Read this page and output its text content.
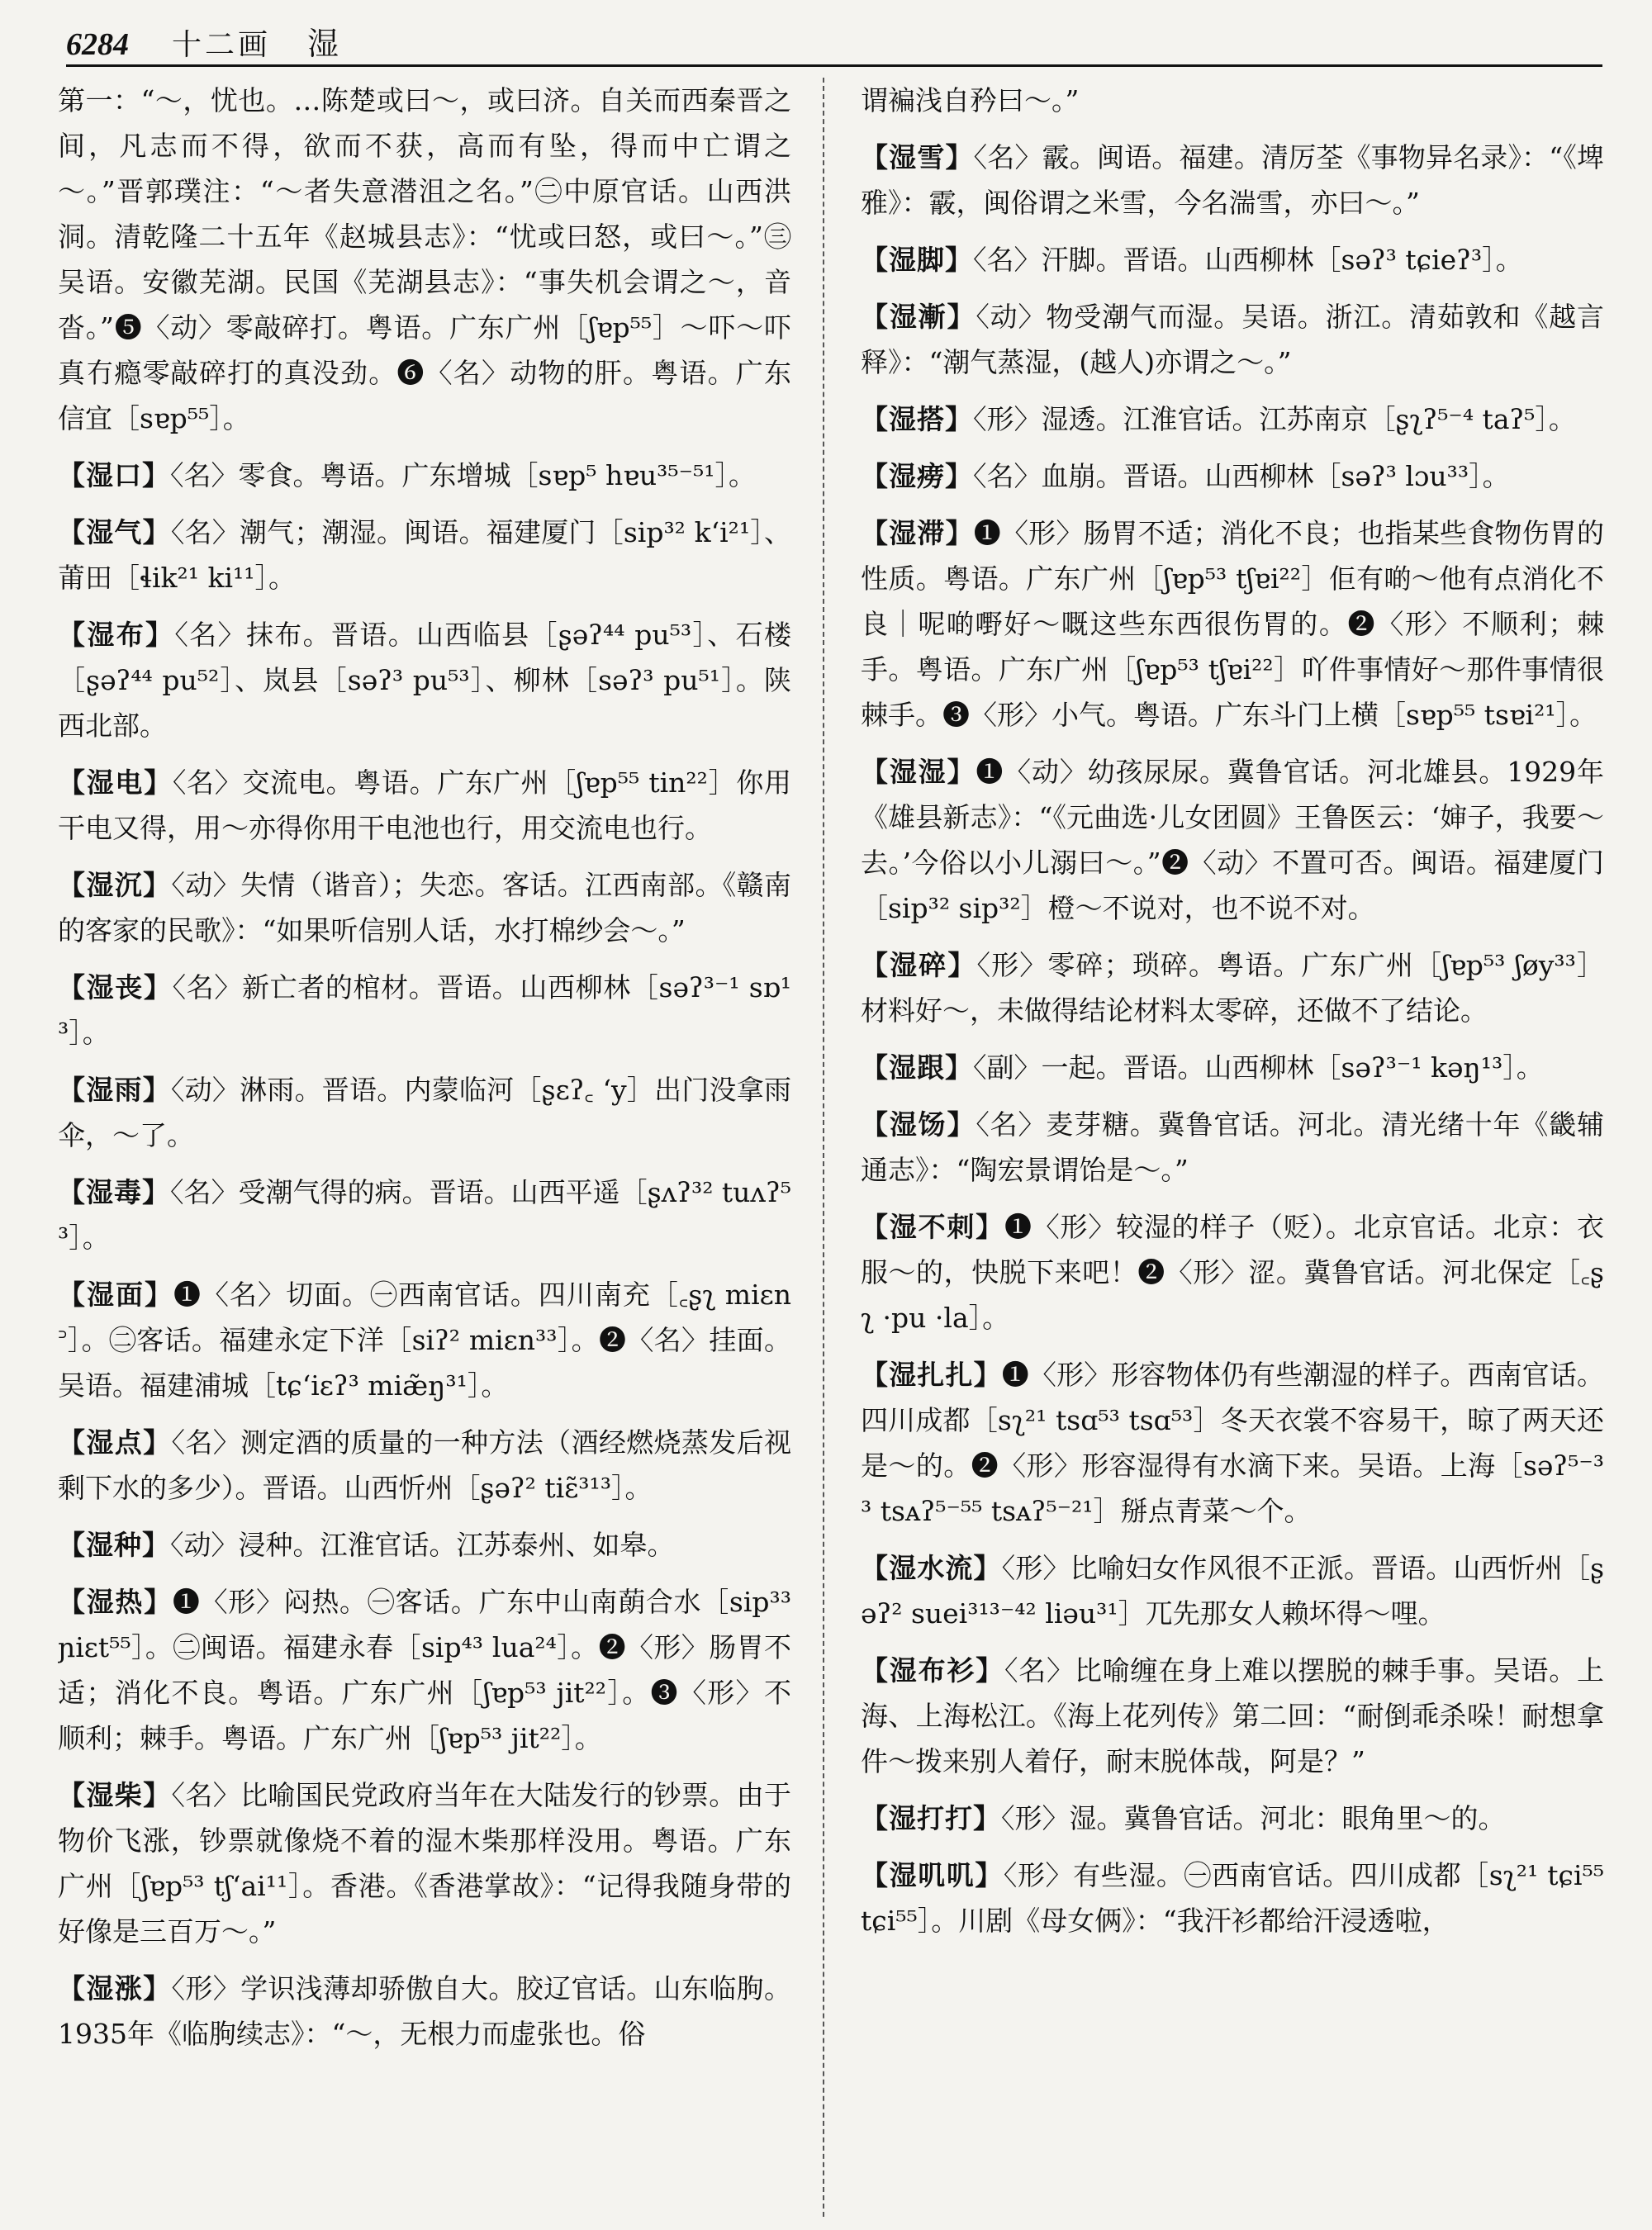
6284 十二画 湿

第一：“～，忧也。…陈楚或曰～，或曰济。自关而西秦晋之间，凡志而不得，欲而不获，高而有坠，得而中亡谓之～。”晋郭璞注：“～者失意潜沮之名。”㊁中原官话。山西洪洞。清乾隆二十五年《赵城县志》：“忧或曰怒，或曰～。”㊂吴语。安徽芜湖。民国《芜湖县志》：“事失机会谓之～，音沓。”❺〈动〉零敲碎打。粤语。广东广州［ʃɐp⁵⁵］～吓～吓真冇瘾零敲碎打的真没劲。❻〈名〉动物的肝。粤语。广东信宜［sɐp⁵⁵］。

【湿口】〈名〉零食。粤语。广东增城［sɐp⁵ hɐu³⁵⁻⁵¹］。

【湿气】〈名〉潮气；潮湿。闽语。福建厦门［sip³² kʻi²¹］、莆田［ɬik²¹ ki¹¹］。

【湿布】〈名〉抹布。晋语。山西临县［ʂəʔ⁴⁴ pu⁵³］、石楼［ʂəʔ⁴⁴ pu⁵²］、岚县［səʔ³ pu⁵³］、柳林［səʔ³ pu⁵¹］。陕西北部。

【湿电】〈名〉交流电。粤语。广东广州［ʃɐp⁵⁵ tin²²］你用干电又得，用～亦得你用干电池也行，用交流电也行。

【湿沉】〈动〉失情（谐音）；失恋。客话。江西南部。《赣南的客家的民歌》：“如果听信别人话，水打棉纱会～。”

【湿丧】〈名〉新亡者的棺材。晋语。山西柳林［səʔ³⁻¹ sɒ¹³］。

【湿雨】〈动〉淋雨。晋语。内蒙临河［ʂɛʔ꜀ ʻy］出门没拿雨伞，～了。

【湿毒】〈名〉受潮气得的病。晋语。山西平遥［ʂʌʔ³² tuʌʔ⁵³］。

【湿面】❶〈名〉切面。㊀西南官话。四川南充［꜀ʂʅ miɛn꜄］。㊁客话。福建永定下洋［siʔ² miɛn³³］。❷〈名〉挂面。吴语。福建浦城［tɕʻiɛʔ³ miæ̃ŋ³¹］。

【湿点】〈名〉测定酒的质量的一种方法（酒经燃烧蒸发后视剩下水的多少）。晋语。山西忻州［ʂəʔ² tiɛ̃³¹³］。

【湿种】〈动〉浸种。江淮官话。江苏泰州、如皋。

【湿热】❶〈形〉闷热。㊀客话。广东中山南蓢合水［sip³³ ɲiɛt⁵⁵］。㊁闽语。福建永春［sip⁴³ lua²⁴］。❷〈形〉肠胃不适；消化不良。粤语。广东广州［ʃɐp⁵³ jit²²］。❸〈形〉不顺利；棘手。粤语。广东广州［ʃɐp⁵³ jit²²］。

【湿柴】〈名〉比喻国民党政府当年在大陆发行的钞票。由于物价飞涨，钞票就像烧不着的湿木柴那样没用。粤语。广东广州［ʃɐp⁵³ tʃʻai¹¹］。香港。《香港掌故》：“记得我随身带的好像是三百万～。”

【湿涨】〈形〉学识浅薄却骄傲自大。胶辽官话。山东临朐。1935年《临朐续志》：“～，无根力而虚张也。俗

谓褊浅自矜曰～。”

【湿雪】〈名〉霰。闽语。福建。清厉荃《事物异名录》：“《埤雅》：霰，闽俗谓之米雪，今名湍雪，亦曰～。”

【湿脚】〈名〉汗脚。晋语。山西柳林［səʔ³ tɕieʔ³］。

【湿漸】〈动〉物受潮气而湿。吴语。浙江。清茹敦和《越言释》：“潮气蒸湿，(越人)亦谓之～。”

【湿搭】〈形〉湿透。江淮官话。江苏南京［ʂʅʔ⁵⁻⁴ taʔ⁵］。

【湿痨】〈名〉血崩。晋语。山西柳林［səʔ³ lɔu³³］。

【湿滞】❶〈形〉肠胃不适；消化不良；也指某些食物伤胃的性质。粤语。广东广州［ʃɐp⁵³ tʃɐi²²］佢有啲～他有点消化不良｜呢啲嘢好～嘅这些东西很伤胃的。❷〈形〉不顺利；棘手。粤语。广东广州［ʃɐp⁵³ tʃɐi²²］吖件事情好～那件事情很棘手。❸〈形〉小气。粤语。广东斗门上横［sɐp⁵⁵ tsɐi²¹］。

【湿湿】❶〈动〉幼孩尿尿。冀鲁官话。河北雄县。1929年《雄县新志》：“《元曲选·儿女团圆》王鲁医云：‘婶子，我要～去。’今俗以小儿溺曰～。”❷〈动〉不置可否。闽语。福建厦门［sip³² sip³²］橙～不说对，也不说不对。

【湿碎】〈形〉零碎；琐碎。粤语。广东广州［ʃɐp⁵³ ʃøy³³］材料好～，未做得结论材料太零碎，还做不了结论。

【湿跟】〈副〉一起。晋语。山西柳林［səʔ³⁻¹ kəŋ¹³］。

【湿饧】〈名〉麦芽糖。冀鲁官话。河北。清光绪十年《畿辅通志》：“陶宏景谓饴是～。”

【湿不刺】❶〈形〉较湿的样子（贬）。北京官话。北京：衣服～的，快脱下来吧！❷〈形〉涩。冀鲁官话。河北保定［꜀ʂʅ ·pu ·la］。

【湿扎扎】❶〈形〉形容物体仍有些潮湿的样子。西南官话。四川成都［sʅ²¹ tsɑ⁵³ tsɑ⁵³］冬天衣裳不容易干，晾了两天还是～的。❷〈形〉形容湿得有水滴下来。吴语。上海［səʔ⁵⁻³³ tsᴀʔ⁵⁻⁵⁵ tsᴀʔ⁵⁻²¹］掰点青菜～个。

【湿水流】〈形〉比喻妇女作风很不正派。晋语。山西忻州［ʂəʔ² suei³¹³⁻⁴² liəu³¹］兀先那女人赖坏得～哩。

【湿布衫】〈名〉比喻缠在身上难以摆脱的棘手事。吴语。上海、上海松江。《海上花列传》第二回：“耐倒乖杀哚！耐想拿件～拨来别人着仔，耐末脱体哉，阿是？”

【湿打打】〈形〉湿。冀鲁官话。河北：眼角里～的。

【湿叽叽】〈形〉有些湿。㊀西南官话。四川成都［sʅ²¹ tɕi⁵⁵ tɕi⁵⁵］。川剧《母女俩》：“我汗衫都给汗浸透啦，
